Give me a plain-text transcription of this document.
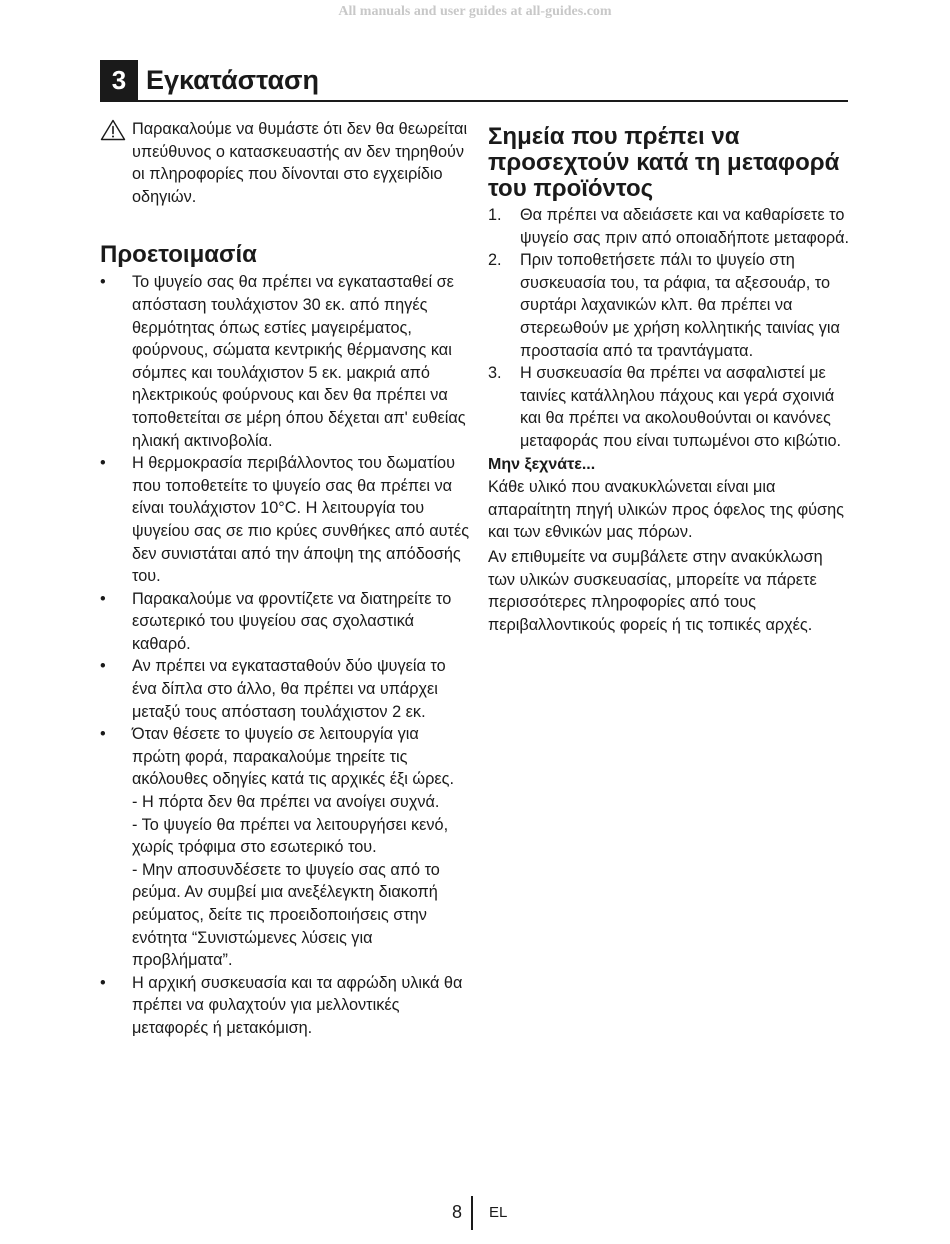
All manuals and user guides at all-guides.com
3 Εγκατάσταση
Παρακαλούμε να θυμάστε ότι δεν θα θεωρείται υπεύθυνος ο κατασκευαστής αν δεν τηρηθούν οι πληροφορίες που δίνονται στο εγχειρίδιο οδηγιών.
Προετοιμασία
• Το ψυγείο σας θα πρέπει να εγκατασταθεί σε απόσταση τουλάχιστον 30 εκ. από πηγές θερμότητας όπως εστίες μαγειρέματος, φούρνους, σώματα κεντρικής θέρμανσης και σόμπες και τουλάχιστον 5 εκ. μακριά από ηλεκτρικούς φούρνους και δεν θα πρέπει να τοποθετείται σε μέρη όπου δέχεται απ' ευθείας ηλιακή ακτινοβολία.
• Η θερμοκρασία περιβάλλοντος του δωματίου που τοποθετείτε το ψυγείο σας θα πρέπει να είναι τουλάχιστον 10°C. Η λειτουργία του ψυγείου σας σε πιο κρύες συνθήκες από αυτές δεν συνιστάται από την άποψη της απόδοσής του.
• Παρακαλούμε να φροντίζετε να διατηρείτε το εσωτερικό του ψυγείου σας σχολαστικά καθαρό.
• Αν πρέπει να εγκατασταθούν δύο ψυγεία το ένα δίπλα στο άλλο, θα πρέπει να υπάρχει μεταξύ τους απόσταση τουλάχιστον 2 εκ.
• Όταν θέσετε το ψυγείο σε λειτουργία για πρώτη φορά, παρακαλούμε τηρείτε τις ακόλουθες οδηγίες κατά τις αρχικές έξι ώρες.
- Η πόρτα δεν θα πρέπει να ανοίγει συχνά.
- Το ψυγείο θα πρέπει να λειτουργήσει κενό, χωρίς τρόφιμα στο εσωτερικό του.
- Μην αποσυνδέσετε το ψυγείο σας από το ρεύμα. Αν συμβεί μια ανεξέλεγκτη διακοπή ρεύματος, δείτε τις προειδοποιήσεις στην ενότητα “Συνιστώμενες λύσεις για προβλήματα”.
• Η αρχική συσκευασία και τα αφρώδη υλικά θα πρέπει να φυλαχτούν για μελλοντικές μεταφορές ή μετακόμιση.
Σημεία που πρέπει να προσεχτούν κατά τη μεταφορά του προϊόντος
1. Θα πρέπει να αδειάσετε και να καθαρίσετε το ψυγείο σας πριν από οποιαδήποτε μεταφορά.
2. Πριν τοποθετήσετε πάλι το ψυγείο στη συσκευασία του, τα ράφια, τα αξεσουάρ, το συρτάρι λαχανικών κλπ. θα πρέπει να στερεωθούν με χρήση κολλητικής ταινίας για προστασία από τα τραντάγματα.
3. Η συσκευασία θα πρέπει να ασφαλιστεί με ταινίες κατάλληλου πάχους και γερά σχοινιά και θα πρέπει να ακολουθούνται οι κανόνες μεταφοράς που είναι τυπωμένοι στο κιβώτιο.
Μην ξεχνάτε...

Κάθε υλικό που ανακυκλώνεται είναι μια απαραίτητη πηγή υλικών προς όφελος της φύσης και των εθνικών μας πόρων.

Αν επιθυμείτε να συμβάλετε στην ανακύκλωση των υλικών συσκευασίας, μπορείτε να πάρετε περισσότερες πληροφορίες από τους περιβαλλοντικούς φορείς ή τις τοπικές αρχές.

8 EL
